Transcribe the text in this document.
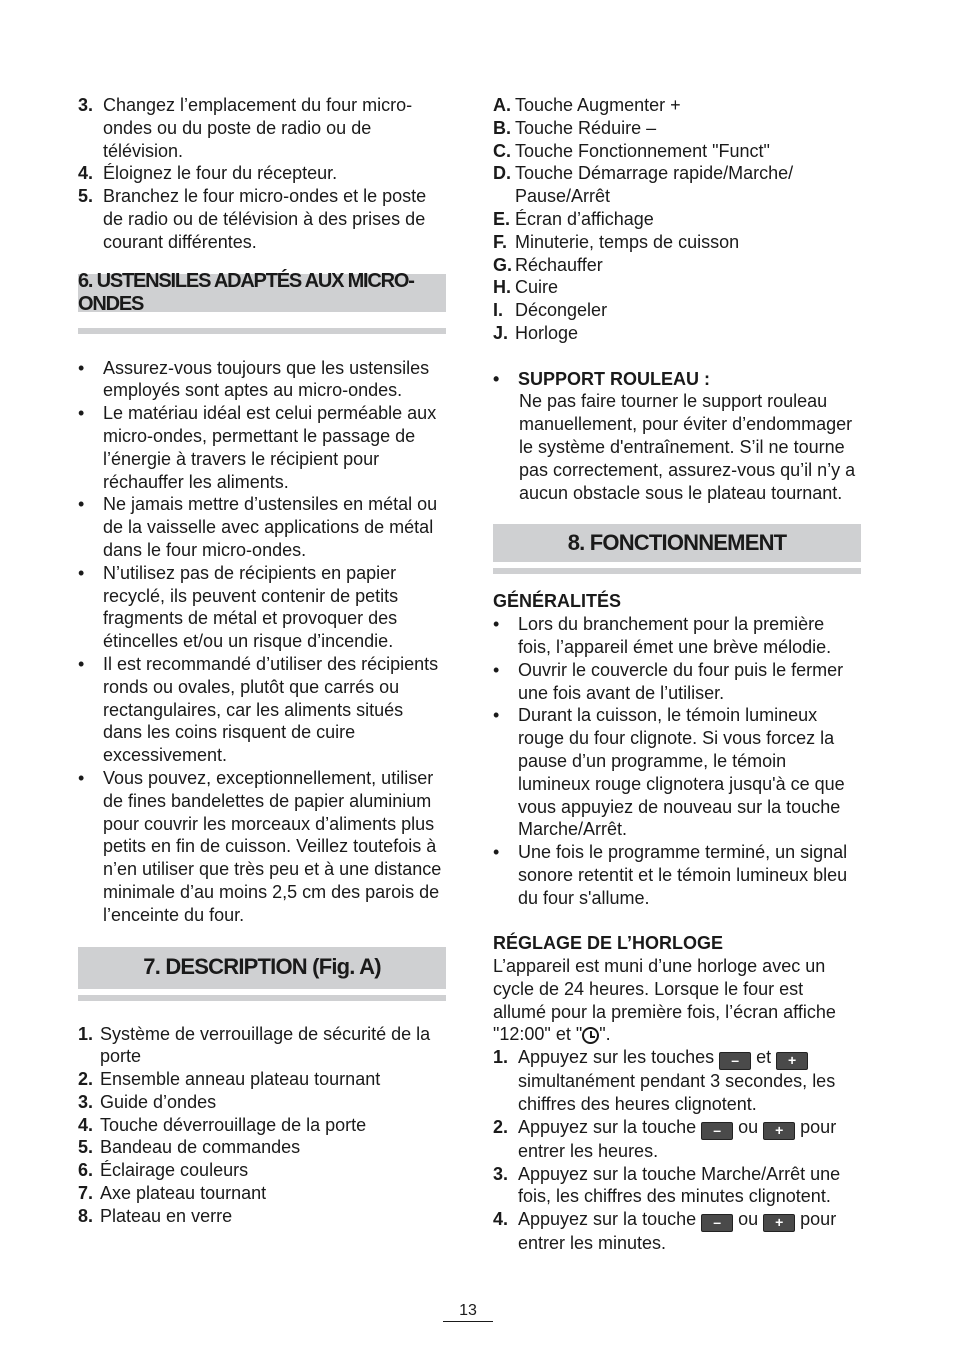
3. Changez l’emplacement du four micro-ondes ou du poste de radio ou de télévision.
4. Éloignez le four du récepteur.
5. Branchez le four micro-ondes et le poste de radio ou de télévision à des prises de courant différentes.
6. USTENSILES ADAPTÉS AUX MICRO-ONDES
• Assurez-vous toujours que les ustensiles employés sont aptes au micro-ondes.
• Le matériau idéal est celui perméable aux micro-ondes, permettant le passage de l’énergie à travers le récipient pour réchauffer les aliments.
• Ne jamais mettre d’ustensiles en métal ou de la vaisselle avec applications de métal dans le four micro-ondes.
• N’utilisez pas de récipients en papier recyclé, ils peuvent contenir de petits fragments de métal et provoquer des étincelles et/ou un risque d’incendie.
• Il est recommandé d’utiliser des récipients ronds ou ovales, plutôt que carrés ou rectangulaires, car les aliments situés dans les coins risquent de cuire excessivement.
• Vous pouvez, exceptionnellement, utiliser de fines bandelettes de papier aluminium pour couvrir les morceaux d’aliments plus petits en fin de cuisson. Veillez toutefois à n’en utiliser que très peu et à une distance minimale d’au moins 2,5 cm des parois de l’enceinte du four.
7. DESCRIPTION (Fig. A)
1. Système de verrouillage de sécurité de la porte
2. Ensemble anneau plateau tournant
3. Guide d’ondes
4. Touche déverrouillage de la porte
5. Bandeau de commandes
6. Éclairage couleurs
7. Axe plateau tournant
8. Plateau en verre
A. Touche Augmenter +
B. Touche Réduire –
C. Touche Fonctionnement "Funct"
D. Touche Démarrage rapide/Marche/ Pause/Arrêt
E. Écran d’affichage
F. Minuterie, temps de cuisson
G. Réchauffer
H. Cuire
I. Décongeler
J. Horloge
• SUPPORT ROULEAU :
Ne pas faire tourner le support rouleau manuellement, pour éviter d’endommager le système d'entraînement. S’il ne tourne pas correctement, assurez-vous qu’il n’y a aucun obstacle sous le plateau tournant.
8. FONCTIONNEMENT
GÉNÉRALITÉS
• Lors du branchement pour la première fois, l’appareil émet une brève mélodie.
• Ouvrir le couvercle du four puis le fermer une fois avant de l’utiliser.
• Durant la cuisson, le témoin lumineux rouge du four clignote. Si vous forcez la pause d’un programme, le témoin lumineux rouge clignotera jusqu'à ce que vous appuyiez de nouveau sur la touche Marche/Arrêt.
• Une fois le programme terminé, un signal sonore retentit et le témoin lumineux bleu du four s'allume.
RÉGLAGE DE L’HORLOGE
L’appareil est muni d’une horloge avec un cycle de 24 heures. Lorsque le four est allumé pour la première fois, l’écran affiche "12:00" et " ".
1. Appuyez sur les touches – et + simultanément pendant 3 secondes, les chiffres des heures clignotent.
2. Appuyez sur la touche – ou + pour entrer les heures.
3. Appuyez sur la touche Marche/Arrêt une fois, les chiffres des minutes clignotent.
4. Appuyez sur la touche – ou + pour entrer les minutes.
13
